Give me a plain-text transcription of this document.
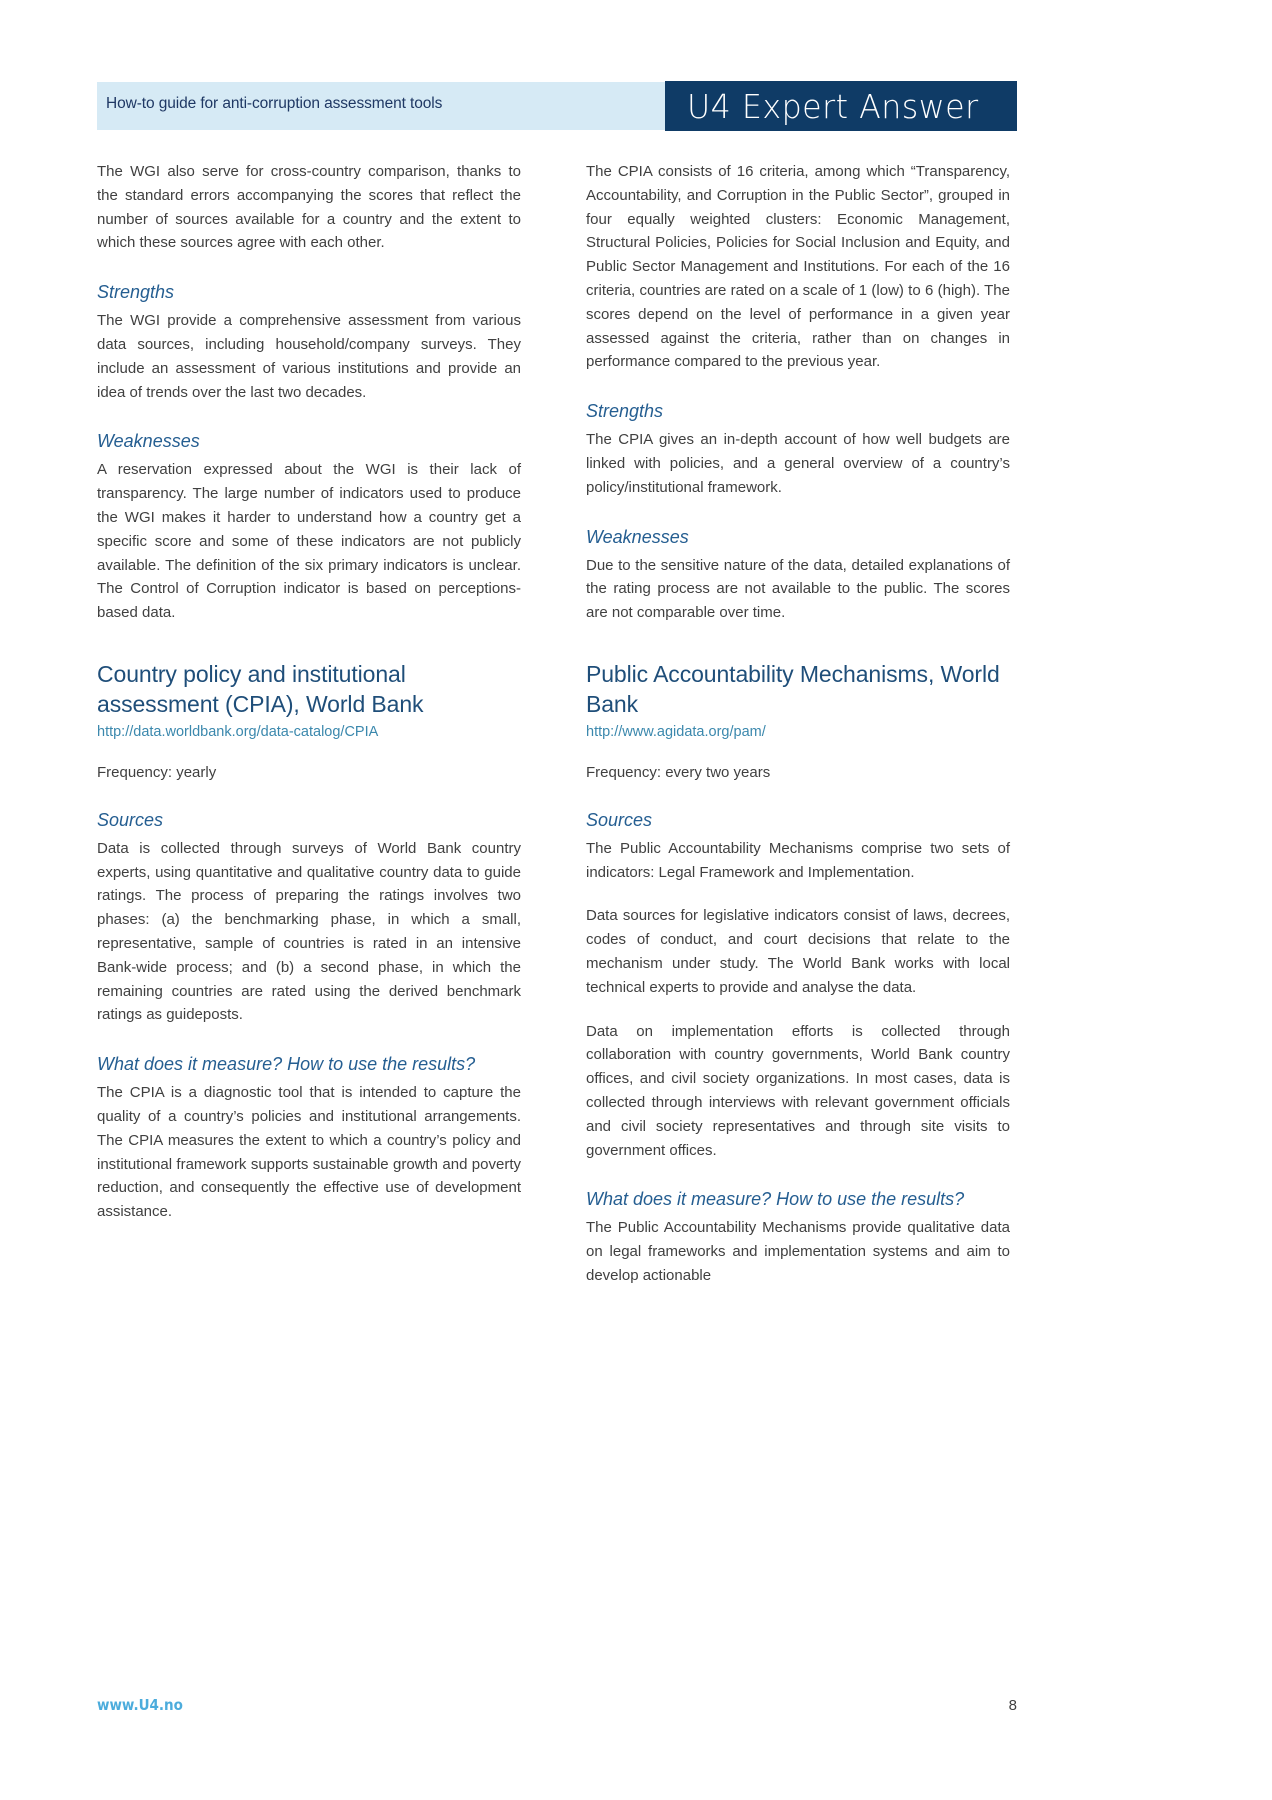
How-to guide for anti-corruption assessment tools	U4 Expert Answer

The WGI also serve for cross-country comparison, thanks to the standard errors accompanying the scores that reflect the number of sources available for a country and the extent to which these sources agree with each other.

Strengths

The WGI provide a comprehensive assessment from various data sources, including household/company surveys. They include an assessment of various institutions and provide an idea of trends over the last two decades.

Weaknesses

A reservation expressed about the WGI is their lack of transparency. The large number of indicators used to produce the WGI makes it harder to understand how a country get a specific score and some of these indicators are not publicly available. The definition of the six primary indicators is unclear. The Control of Corruption indicator is based on perceptions-based data.

Country policy and institutional assessment (CPIA), World Bank
http://data.worldbank.org/data-catalog/CPIA

Frequency: yearly

Sources

Data is collected through surveys of World Bank country experts, using quantitative and qualitative country data to guide ratings. The process of preparing the ratings involves two phases: (a) the benchmarking phase, in which a small, representative, sample of countries is rated in an intensive Bank-wide process; and (b) a second phase, in which the remaining countries are rated using the derived benchmark ratings as guideposts.

What does it measure? How to use the results?

The CPIA is a diagnostic tool that is intended to capture the quality of a country’s policies and institutional arrangements. The CPIA measures the extent to which a country’s policy and institutional framework supports sustainable growth and poverty reduction, and consequently the effective use of development assistance.

The CPIA consists of 16 criteria, among which “Transparency, Accountability, and Corruption in the Public Sector”, grouped in four equally weighted clusters: Economic Management, Structural Policies, Policies for Social Inclusion and Equity, and Public Sector Management and Institutions. For each of the 16 criteria, countries are rated on a scale of 1 (low) to 6 (high). The scores depend on the level of performance in a given year assessed against the criteria, rather than on changes in performance compared to the previous year.

Strengths

The CPIA gives an in-depth account of how well budgets are linked with policies, and a general overview of a country’s policy/institutional framework.

Weaknesses

Due to the sensitive nature of the data, detailed explanations of the rating process are not available to the public. The scores are not comparable over time.

Public Accountability Mechanisms, World Bank
http://www.agidata.org/pam/

Frequency: every two years

Sources

The Public Accountability Mechanisms comprise two sets of indicators: Legal Framework and Implementation.

Data sources for legislative indicators consist of laws, decrees, codes of conduct, and court decisions that relate to the mechanism under study. The World Bank works with local technical experts to provide and analyse the data.

Data on implementation efforts is collected through collaboration with country governments, World Bank country offices, and civil society organizations. In most cases, data is collected through interviews with relevant government officials and civil society representatives and through site visits to government offices.

What does it measure? How to use the results?

The Public Accountability Mechanisms provide qualitative data on legal frameworks and implementation systems and aim to develop actionable

www.U4.no	8
